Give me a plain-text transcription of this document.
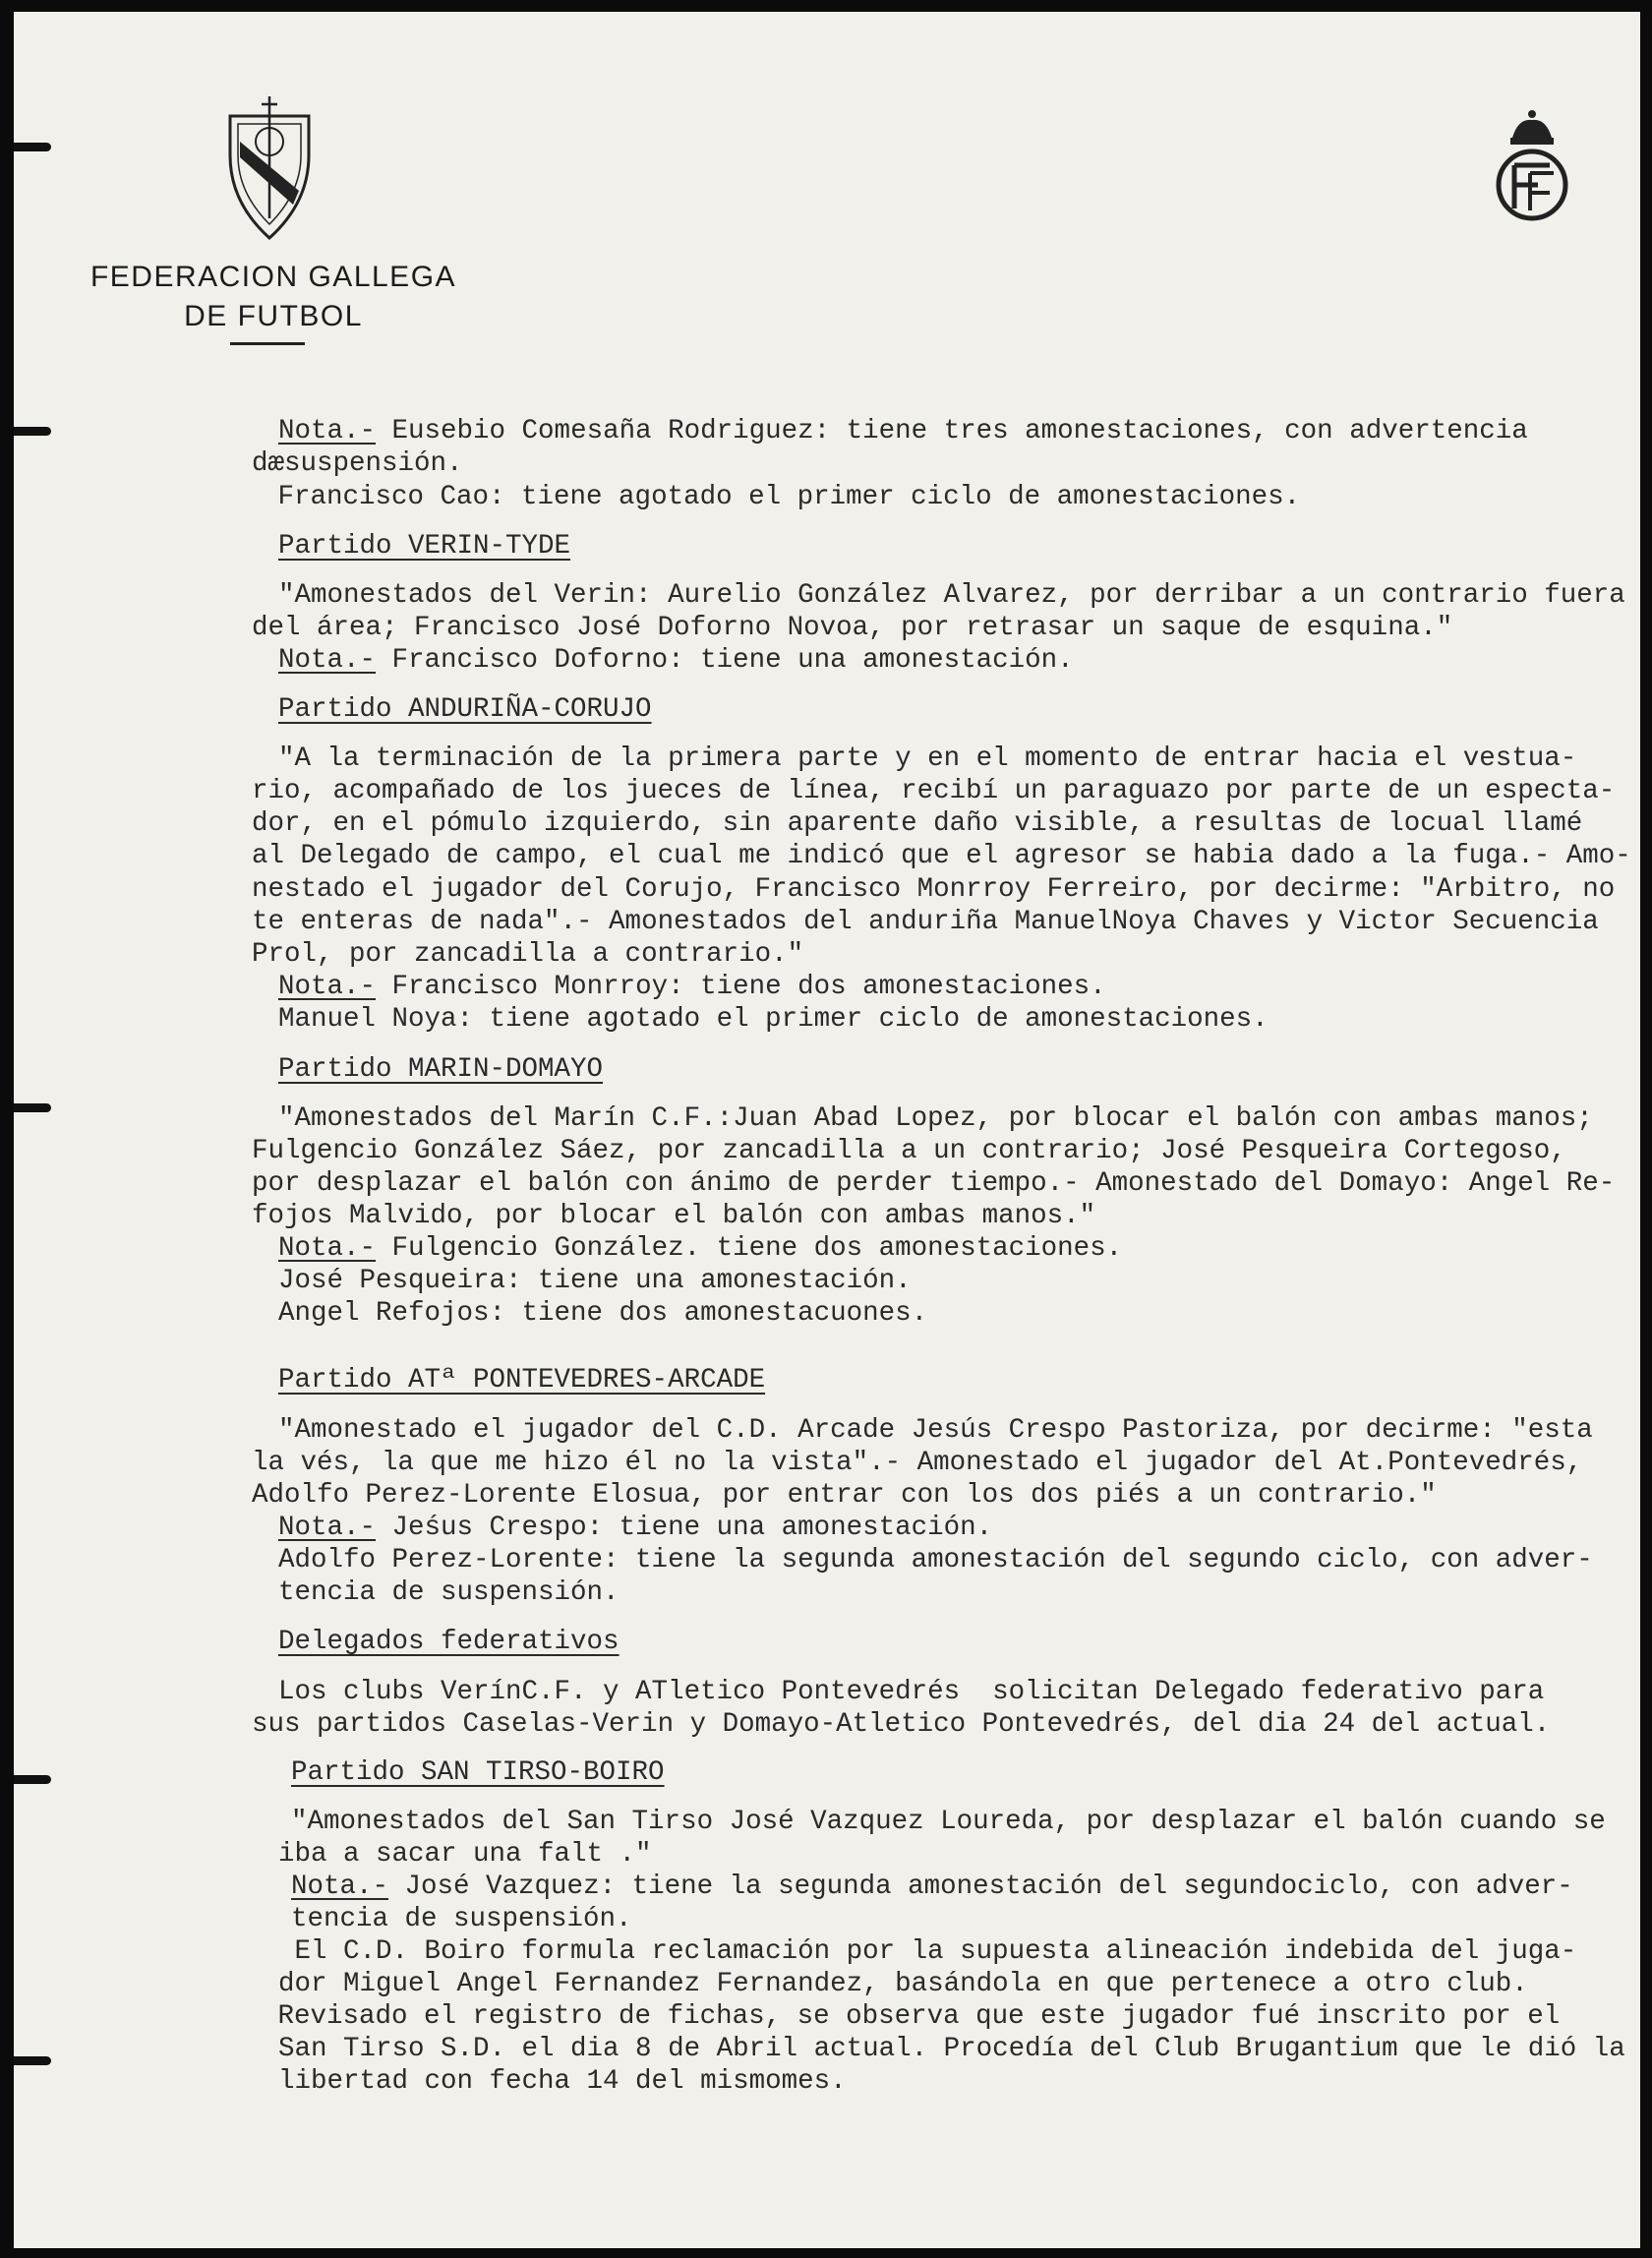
FEDERACION GALLEGA
DE FUTBOL

Nota.- Eusebio Comesaña Rodriguez: tiene tres amonestaciones, con advertencia

dæsuspensión.

Francisco Cao: tiene agotado el primer ciclo de amonestaciones.

Partido VERIN-TYDE

"Amonestados del Verin: Aurelio González Alvarez, por derribar a un contrario fuera

del área; Francisco José Doforno Novoa, por retrasar un saque de esquina."

Nota.- Francisco Doforno: tiene una amonestación.

Partido ANDURIÑA-CORUJO

"A la terminación de la primera parte y en el momento de entrar hacia el vestua-

rio, acompañado de los jueces de línea, recibí un paraguazo por parte de un especta-

dor, en el pómulo izquierdo, sin aparente daño visible, a resultas de locual llamé

al Delegado de campo, el cual me indicó que el agresor se habia dado a la fuga.- Amo-

nestado el jugador del Corujo, Francisco Monrroy Ferreiro, por decirme: "Arbitro, no

te enteras de nada".- Amonestados del anduriña ManuelNoya Chaves y Victor Secuencia

Prol, por zancadilla a contrario."

Nota.- Francisco Monrroy: tiene dos amonestaciones.

Manuel Noya: tiene agotado el primer ciclo de amonestaciones.

Partido MARIN-DOMAYO

"Amonestados del Marín C.F.:Juan Abad Lopez, por blocar el balón con ambas manos;

Fulgencio González Sáez, por zancadilla a un contrario; José Pesqueira Cortegoso,

por desplazar el balón con ánimo de perder tiempo.- Amonestado del Domayo: Angel Re-

fojos Malvido, por blocar el balón con ambas manos."

Nota.- Fulgencio González. tiene dos amonestaciones.

José Pesqueira: tiene una amonestación.

Angel Refojos: tiene dos amonestacuones.

Partido ATª PONTEVEDRES-ARCADE

"Amonestado el jugador del C.D. Arcade Jesús Crespo Pastoriza, por decirme: "esta

la vés, la que me hizo él no la vista".- Amonestado el jugador del At.Pontevedrés,

Adolfo Perez-Lorente Elosua, por entrar con los dos piés a un contrario."

Nota.- Jeśus Crespo: tiene una amonestación.

Adolfo Perez-Lorente: tiene la segunda amonestación del segundo ciclo, con adver-

tencia de suspensión.

Delegados federativos

Los clubs VerínC.F. y ATletico Pontevedrés  solicitan Delegado federativo para

sus partidos Caselas-Verin y Domayo-Atletico Pontevedrés, del dia 24 del actual.

Partido SAN TIRSO-BOIRO

"Amonestados del San Tirso José Vazquez Loureda, por desplazar el balón cuando se

iba a sacar una falt ."

Nota.- José Vazquez: tiene la segunda amonestación del segundociclo, con adver-

tencia de suspensión.

El C.D. Boiro formula reclamación por la supuesta alineación indebida del juga-

dor Miguel Angel Fernandez Fernandez, basándola en que pertenece a otro club.

Revisado el registro de fichas, se observa que este jugador fué inscrito por el

San Tirso S.D. el dia 8 de Abril actual. Procedía del Club Brugantium que le dió la

libertad con fecha 14 del mismomes.
